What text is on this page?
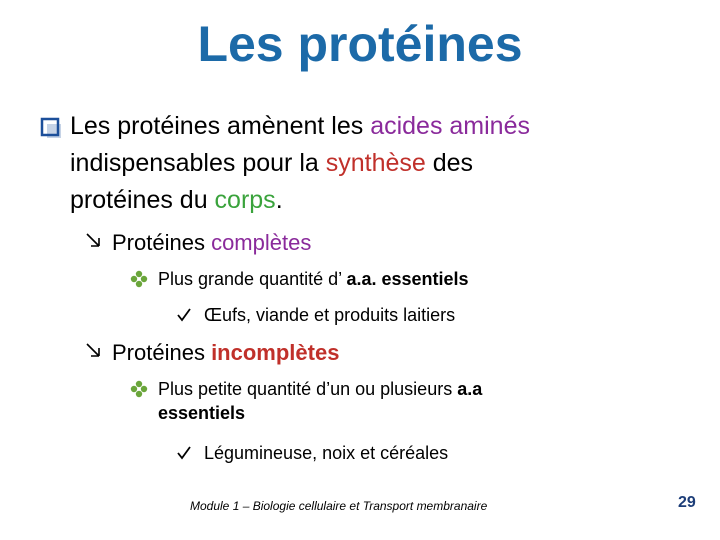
Les protéines
Les protéines amènent les acides aminés
indispensables pour la synthèse des
protéines du corps.
Protéines complètes
Plus grande quantité d’ a.a. essentiels
Œufs, viande et produits laitiers
Protéines incomplètes
Plus petite quantité d’un ou plusieurs a.a
essentiels
Légumineuse, noix et céréales
Module 1 – Biologie cellulaire et Transport membranaire	29
